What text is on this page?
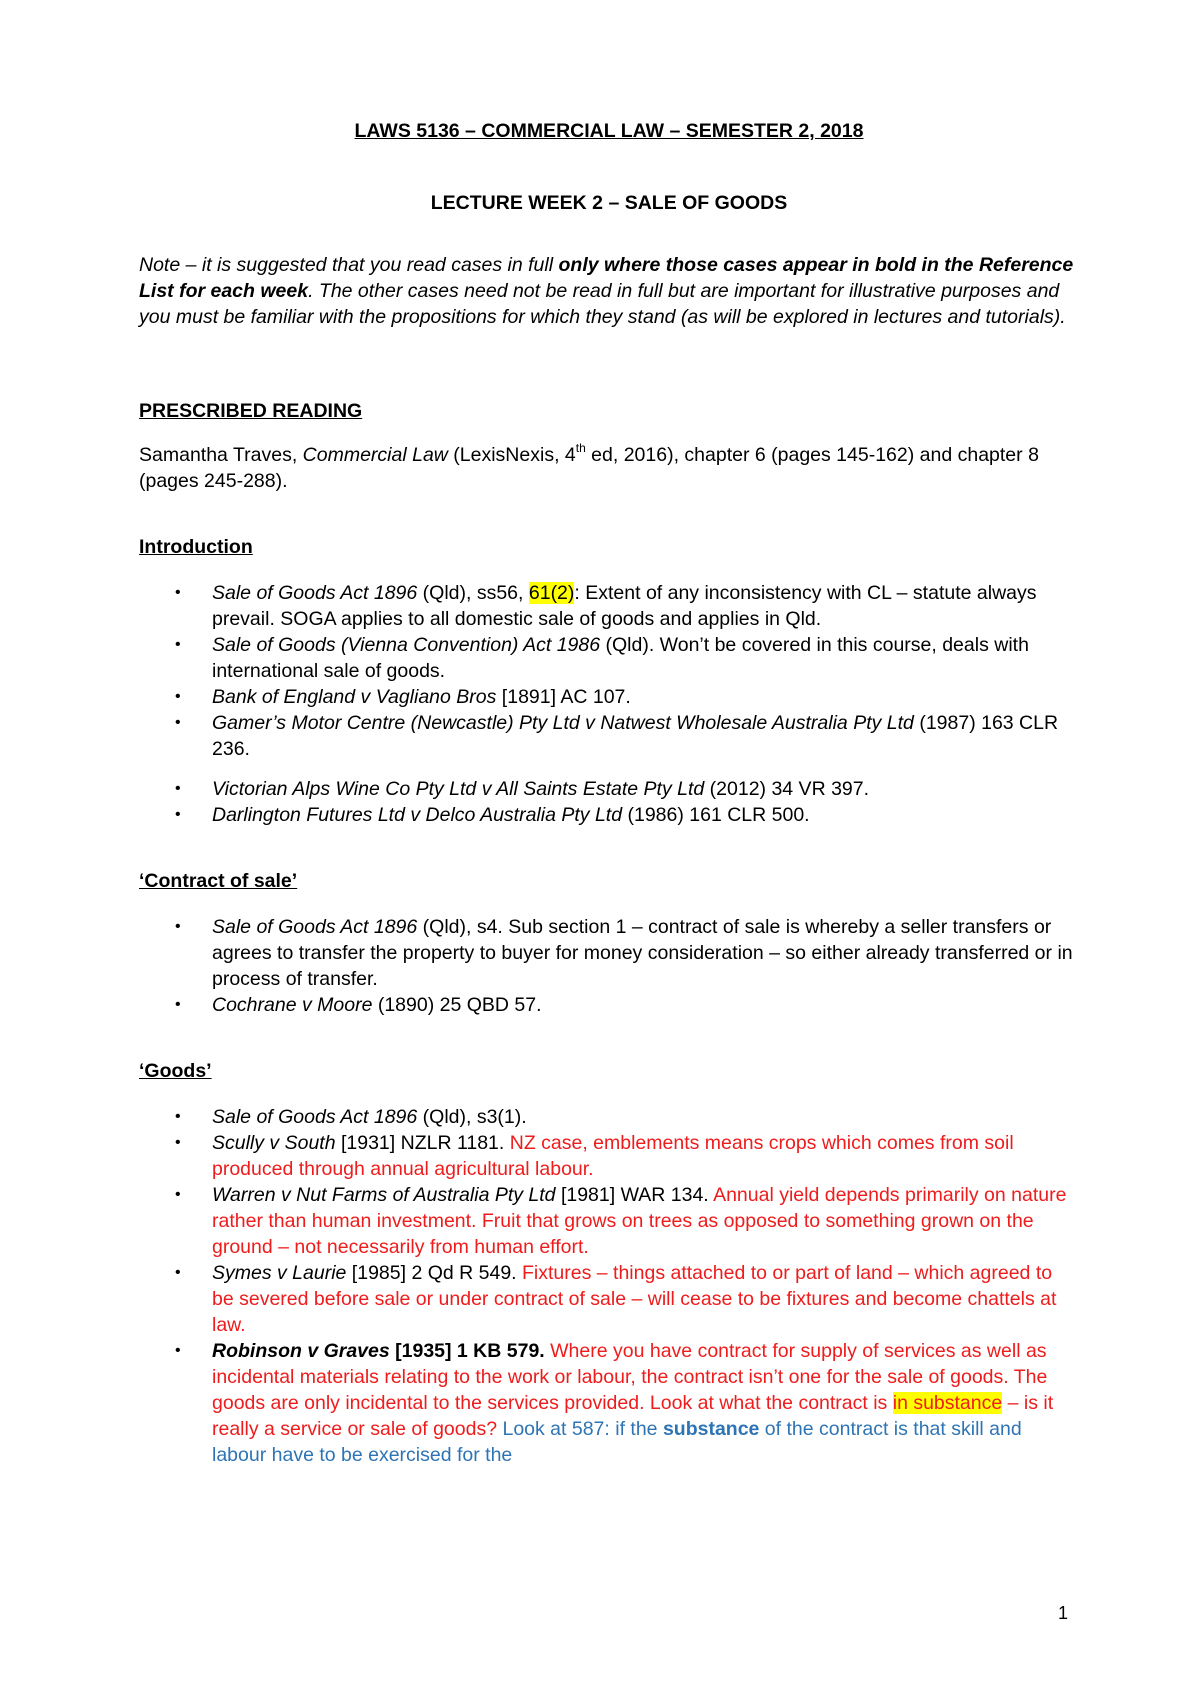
LAWS 5136 – COMMERCIAL LAW – SEMESTER 2, 2018

LECTURE WEEK 2 – SALE OF GOODS

Note – it is suggested that you read cases in full only where those cases appear in bold in the Reference List for each week. The other cases need not be read in full but are important for illustrative purposes and you must be familiar with the propositions for which they stand (as will be explored in lectures and tutorials).

PRESCRIBED READING

Samantha Traves, Commercial Law (LexisNexis, 4th ed, 2016), chapter 6 (pages 145-162) and chapter 8 (pages 245-288).

Introduction
• Sale of Goods Act 1896 (Qld), ss56, 61(2): Extent of any inconsistency with CL – statute always prevail. SOGA applies to all domestic sale of goods and applies in Qld.
• Sale of Goods (Vienna Convention) Act 1986 (Qld). Won’t be covered in this course, deals with international sale of goods.
• Bank of England v Vagliano Bros [1891] AC 107.
• Gamer’s Motor Centre (Newcastle) Pty Ltd v Natwest Wholesale Australia Pty Ltd (1987) 163 CLR 236.
• Victorian Alps Wine Co Pty Ltd v All Saints Estate Pty Ltd (2012) 34 VR 397.
• Darlington Futures Ltd v Delco Australia Pty Ltd (1986) 161 CLR 500.
‘Contract of sale’
• Sale of Goods Act 1896 (Qld), s4. Sub section 1 – contract of sale is whereby a seller transfers or agrees to transfer the property to buyer for money consideration – so either already transferred or in process of transfer.
• Cochrane v Moore (1890) 25 QBD 57.
‘Goods’
• Sale of Goods Act 1896 (Qld), s3(1).
• Scully v South [1931] NZLR 1181. NZ case, emblements means crops which comes from soil produced through annual agricultural labour.
• Warren v Nut Farms of Australia Pty Ltd [1981] WAR 134. Annual yield depends primarily on nature rather than human investment. Fruit that grows on trees as opposed to something grown on the ground – not necessarily from human effort.
• Symes v Laurie [1985] 2 Qd R 549. Fixtures – things attached to or part of land – which agreed to be severed before sale or under contract of sale – will cease to be fixtures and become chattels at law.
• Robinson v Graves [1935] 1 KB 579. Where you have contract for supply of services as well as incidental materials relating to the work or labour, the contract isn’t one for the sale of goods. The goods are only incidental to the services provided. Look at what the contract is in substance – is it really a service or sale of goods? Look at 587: if the substance of the contract is that skill and labour have to be exercised for the
1
